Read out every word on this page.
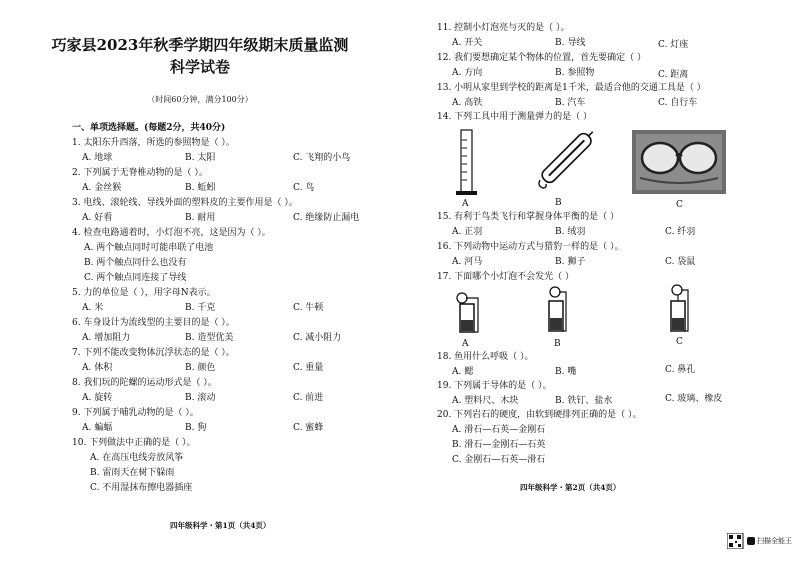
巧家县2023年秋季学期四年级期末质量监测
科学试卷
（时间60分钟，满分100分）
一、单项选择题。(每题2分，共40分)
1. 太阳东升西落，所选的参照物是（ ）。
A. 地球	B. 太阳	C. 飞翔的小鸟
2. 下列属于无脊椎动物的是（ ）。
A. 金丝猴	B. 蚯蚓	C. 鸟
3. 电线、滚轮线、导线外面的塑料皮的主要作用是（ ）。
A. 好看	B. 耐用	C. 绝缘防止漏电
4. 检查电路通着时，小灯泡不亮，这是因为（ ）。
A. 两个触点同时可能串联了电池
B. 两个触点同什么也没有
C. 两个触点同连接了导线
5. 力的单位是（ ），用字母N表示。
A. 米	B. 千克	C. 牛顿
6. 车身设计为流线型的主要目的是（ ）。
A. 增加阻力	B. 造型优美	C. 减小阻力
7. 下列不能改变物体沉浮状态的是（ ）。
A. 体积	B. 颜色	C. 重量
8. 我们玩的陀螺的运动形式是（ ）。
A. 旋转	B. 滚动	C. 前进
9. 下列属于哺乳动物的是（ ）。
A. 蝙蝠	B. 狗	C. 蜜蜂
10. 下列做法中正确的是（ ）。
A. 在高压电线旁放风筝
B. 雷雨天在树下躲雨
C. 不用湿抹布擦电器插座
四年级科学・第1页（共4页）
11. 控制小灯泡亮与灭的是（ ）。
A. 开关	B. 导线	C. 灯座
12. 我们要想确定某个物体的位置，首先要确定（ ）
A. 方向	B. 参照物	C. 距离
13. 小明从家里到学校的距离是1千米，最适合他的交通工具是（ ）
A. 高铁	B. 汽车	C. 自行车
14. 下列工具中用于测量弹力的是（ ）
A	B	C
15. 有利于鸟类飞行和掌握身体平衡的是（ ）
A. 正羽	B. 绒羽	C. 纤羽
16. 下列动物中运动方式与猎豹一样的是（ ）。
A. 河马	B. 狮子	C. 袋鼠
17. 下面哪个小灯泡不会发光（ ）
A	B	C
18. 鱼用什么呼吸（ ）。
A. 鳃	B. 嘴	C. 鼻孔
19. 下列属于导体的是（ ）。
A. 塑料尺、木块	B. 铁钉、盐水	C. 玻璃、橡皮
20. 下列岩石的硬度，由软到硬排列正确的是（ ）。
A. 滑石—石英—金刚石
B. 滑石—金刚石—石英
C. 金刚石—石英—滑石
四年级科学・第2页（共4页）
扫描全能王
